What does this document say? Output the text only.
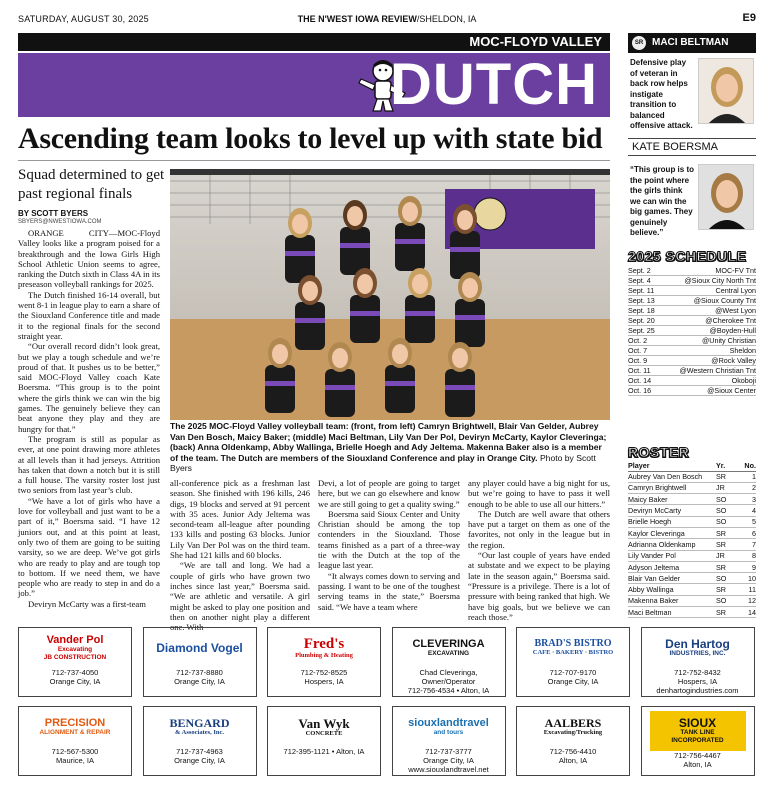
SATURDAY, AUGUST 30, 2025	THE N'WEST IOWA REVIEW/SHELDON, IA	E9
MOC-FLOYD VALLEY
DUTCH
Ascending team looks to level up with state bid
Squad determined to get past regional finals
BY SCOTT BYERS
SBYERS@NWESTIOWA.COM

ORANGE CITY—MOC-Floyd Valley looks like a program poised for a breakthrough and the Iowa Girls High School Athletic Union seems to agree, ranking the Dutch sixth in Class 4A in its preseason volleyball rankings for 2025.

The Dutch finished 16-14 overall, but went 8-1 in league play to earn a share of the Siouxland Conference title and made it to the regional finals for the second straight year.

“Our overall record didn’t look great, but we play a tough schedule and we’re proud of that. It pushes us to be better,” said MOC-Floyd Valley coach Kate Boersma. “This group is to the point where the girls think we can win the big games. The genuinely believe they can beat anyone they play and they are hungry for that.”

The program is still as popular as ever, at one point drawing more athletes at all levels than it had jerseys. Attrition has taken that down a notch but it is still a full house. The varsity roster lost just two seniors from last year’s club.

“We have a lot of girls who have a love for volleyball and just want to be a part of it,” Boersma said. “I have 12 juniors out, and at this point at least, only two of them are going to be suiting varsity, so we are deep. We’ve got girls who are ready to play and are tough top to bottom. If we need them, we have people who are ready to step in and do a job.”

Deviryn McCarty was a first-team

The 2025 MOC-Floyd Valley volleyball team: (front, from left) Camryn Brightwell, Blair Van Gelder, Aubrey Van Den Bosch, Maicy Baker; (middle) Maci Beltman, Lily Van Der Pol, Deviryn McCarty, Kaylor Cleveringa; (back) Anna Oldenkamp, Abby Wallinga, Brielle Hoegh and Ady Jeltema. Makenna Baker also is a member of the team. The Dutch are members of the Siouxland Conference and play in Orange City. Photo by Scott Byers

all-conference pick as a freshman last season. She finished with 196 kills, 246 digs, 19 blocks and served at 91 percent with 35 aces. Junior Ady Jeltema was second-team all-league after pounding 133 kills and posting 63 blocks. Junior Lily Van Der Pol was on the third team. She had 121 kills and 60 blocks.

“We are tall and long. We had a couple of girls who have grown two inches since last year,” Boersma said. “We are athletic and versatile. A girl might be asked to play one position and then on another night play a different one. With

Devi, a lot of people are going to target here, but we can go elsewhere and know we are still going to get a quality swing.”

Boersma said Sioux Center and Unity Christian should be among the top contenders in the Siouxland. Those teams finished as a part of a three-way tie with the Dutch at the top of the league last year.

“It always comes down to serving and passing. I want to be one of the toughest serving teams in the state,” Boersma said. “We have a team where

any player could have a big night for us, but we’re going to have to pass it well enough to be able to use all our hitters.”

The Dutch are well aware that others have put a target on them as one of the favorites, not only in the league but in the region.

“Our last couple of years have ended at substate and we expect to be playing late in the season again,” Boersma said. “Pressure is a privilege. There is a lot of pressure with being ranked that high. We have big goals, but we believe we can reach those.”

SR MACI BELTMAN
Defensive play of veteran in back row helps instigate transition to balanced offensive attack.
KATE BOERSMA
“This group is to the point where the girls think we can win the big games. They genuinely believe.”
2025 SCHEDULE
Sept. 2	MOC-FV Tnt
Sept. 4	@Sioux City North Tnt
Sept. 11	Central Lyon
Sept. 13	@Sioux County Tnt
Sept. 18	@West Lyon
Sept. 20	@Cherokee Tnt
Sept. 25	@Boyden-Hull
Oct. 2	@Unity Christian
Oct. 7	Sheldon
Oct. 9	@Rock Valley
Oct. 11	@Western Christian Tnt
Oct. 14	Okoboji
Oct. 16	@Sioux Center
ROSTER
Player	Yr.	No.
Aubrey Van Den Bosch	SR	1
Camryn Brightwell	JR	2
Maicy Baker	SO	3
Deviryn McCarty	SO	4
Brielle Hoegh	SO	5
Kaylor Cleveringa	SR	6
Adrianna Oldenkamp	SR	7
Lily Vander Pol	JR	8
Adyson Jeltema	SR	9
Blair Van Gelder	SO	10
Abby Wallinga	SR	11
Makenna Baker	SO	12
Maci Beltman	SR	14
Vander Pol
Excavating
JB CONSTRUCTION
712-737-4050
Orange City, IA
Diamond Vogel
712-737-8880
Orange City, IA
Fred's
Plumbing & Heating
712-752-8525
Hospers, IA
CLEVERINGA
EXCAVATING
Chad Cleveringa,
Owner/Operator
712-756-4534 • Alton, IA
BRAD'S BISTRO
CAFE · BAKERY · BISTRO
712-707-9170
Orange City, IA
Den Hartog
INDUSTRIES, INC.
712-752-8432
Hospers, IA
denhartogindustries.com
PRECISION
ALIGNMENT & REPAIR
712-567-5300
Maurice, IA
BENGARD
& Associates, Inc.
712-737-4963
Orange City, IA
Van Wyk
CONCRETE
712-395-1121 • Alton, IA
siouxlandtravel
and tours
712-737-3777
Orange City, IA
www.siouxlandtravel.net
AALBERS
Excavating/Trucking
712-756-4410
Alton, IA
SIOUX
TANK LINE
INCORPORATED
712-756-4467
Alton, IA
